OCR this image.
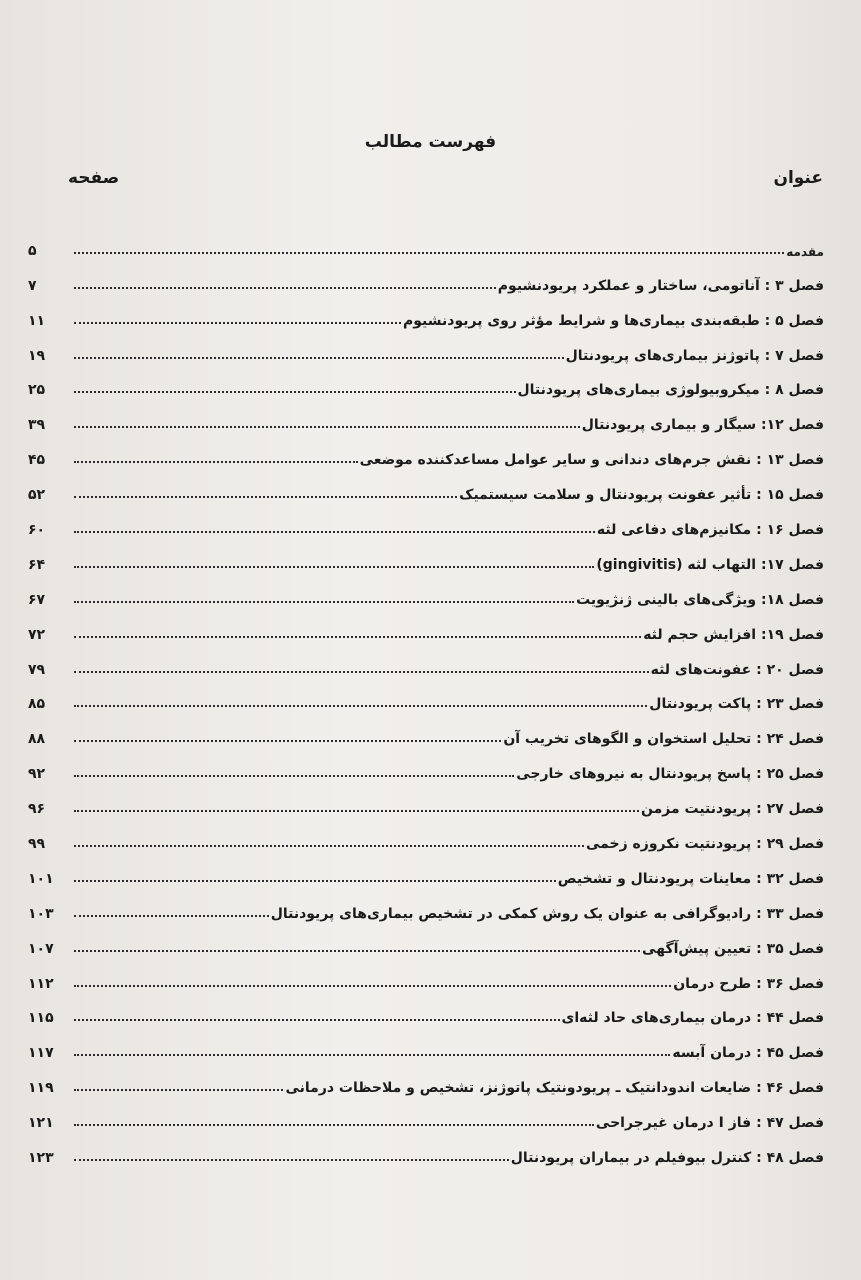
فهرست مطالب
عنوان
صفحه
مقدمه
۵
فصل ۳ : آناتومی، ساختار و عملکرد پریودنشیوم
۷
فصل ۵ : طبقه‌بندی بیماری‌ها و شرایط مؤثر روی پریودنشیوم
۱۱
فصل ۷ : پاتوژنز بیماری‌های پریودنتال
۱۹
فصل ۸ : میکروبیولوژی بیماری‌های پریودنتال
۲۵
فصل ۱۲: سیگار و بیماری پریودنتال
۳۹
فصل ۱۳ : نقش جرم‌های دندانی و سایر عوامل مساعدکننده موضعی
۴۵
فصل ۱۵ : تأثیر عفونت پریودنتال و سلامت سیستمیک
۵۲
فصل ۱۶ : مکانیزم‌های دفاعی لثه
۶۰
فصل ۱۷: التهاب لثه (gingivitis)
۶۴
فصل ۱۸: ویژگی‌های بالینی ژنژیویت
۶۷
فصل ۱۹: افزایش حجم لثه
۷۲
فصل ۲۰ : عفونت‌های لثه
۷۹
فصل ۲۳ : پاکت پریودنتال
۸۵
فصل ۲۴ : تحلیل استخوان و الگوهای تخریب آن
۸۸
فصل ۲۵ : پاسخ پریودنتال به نیروهای خارجی
۹۲
فصل ۲۷ : پریودنتیت مزمن
۹۶
فصل ۲۹ : پریودنتیت نکروزه زخمی
۹۹
فصل ۳۲ : معاینات پریودنتال و تشخیص
۱۰۱
فصل ۳۳ : رادیوگرافی به عنوان یک روش کمکی در تشخیص بیماری‌های پریودنتال
۱۰۳
فصل ۳۵ : تعیین پیش‌آگهی
۱۰۷
فصل ۳۶ : طرح درمان
۱۱۲
فصل ۴۴ : درمان بیماری‌های حاد لثه‌ای
۱۱۵
فصل ۴۵ : درمان آبسه
۱۱۷
فصل ۴۶ : ضایعات اندودانتیک ـ پریودونتیک پاتوژنز، تشخیص و ملاحظات درمانی
۱۱۹
فصل ۴۷ : فاز I درمان غیرجراحی
۱۲۱
فصل ۴۸ : کنترل بیوفیلم در بیماران پریودنتال
۱۲۳
